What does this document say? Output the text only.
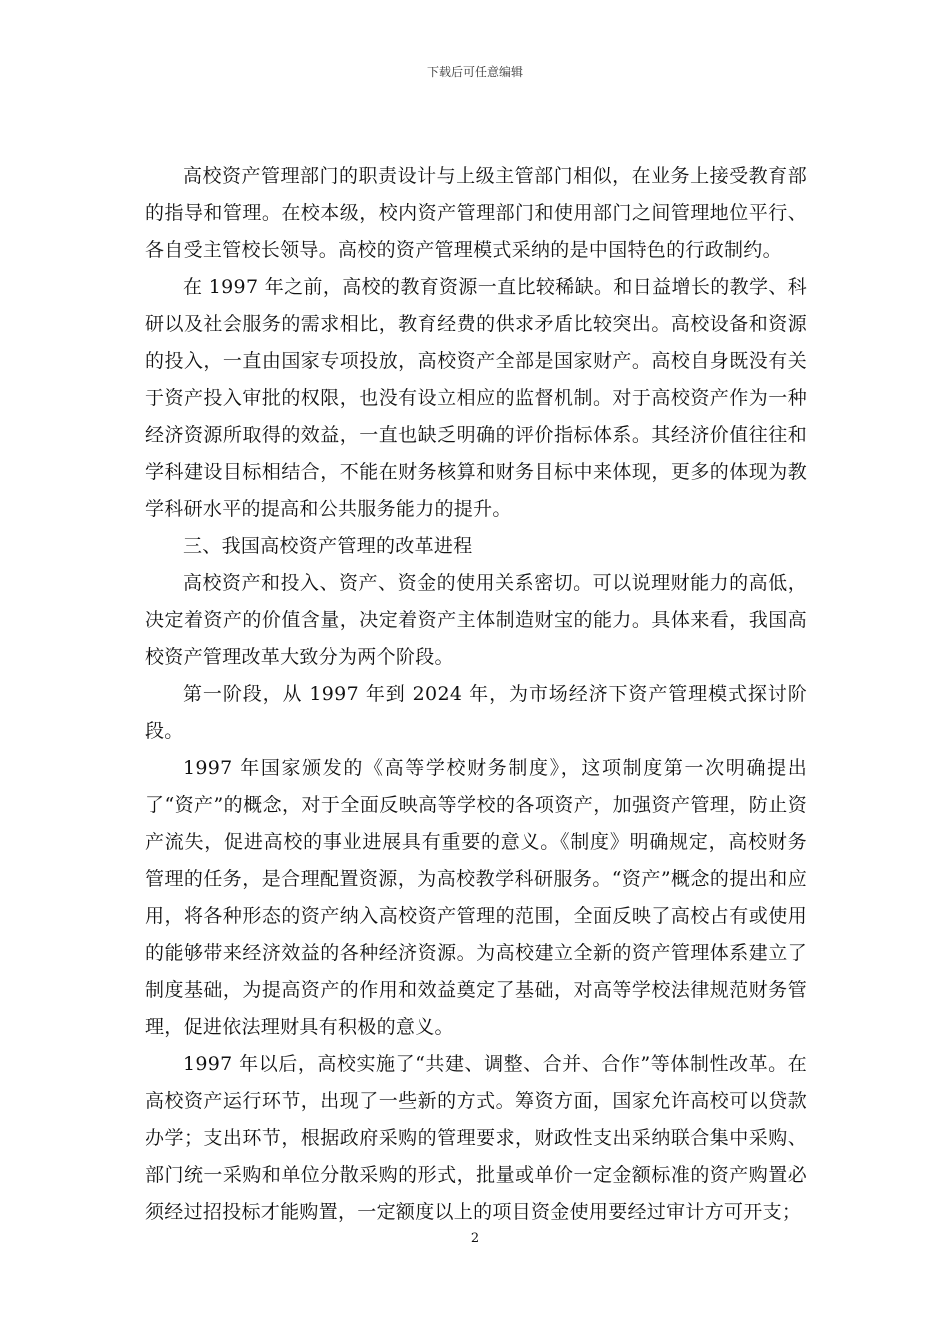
下载后可任意编辑

高校资产管理部门的职责设计与上级主管部门相似，在业务上接受教育部的指导和管理。在校本级，校内资产管理部门和使用部门之间管理地位平行、各自受主管校长领导。高校的资产管理模式采纳的是中国特色的行政制约。

在 1997 年之前，高校的教育资源一直比较稀缺。和日益增长的教学、科研以及社会服务的需求相比，教育经费的供求矛盾比较突出。高校设备和资源的投入，一直由国家专项投放，高校资产全部是国家财产。高校自身既没有关于资产投入审批的权限，也没有设立相应的监督机制。对于高校资产作为一种经济资源所取得的效益，一直也缺乏明确的评价指标体系。其经济价值往往和学科建设目标相结合，不能在财务核算和财务目标中来体现，更多的体现为教学科研水平的提高和公共服务能力的提升。

三、我国高校资产管理的改革进程

高校资产和投入、资产、资金的使用关系密切。可以说理财能力的高低，决定着资产的价值含量，决定着资产主体制造财宝的能力。具体来看，我国高校资产管理改革大致分为两个阶段。

第一阶段，从 1997 年到 2024 年，为市场经济下资产管理模式探讨阶段。

1997 年国家颁发的《高等学校财务制度》，这项制度第一次明确提出了“资产”的概念，对于全面反映高等学校的各项资产，加强资产管理，防止资产流失，促进高校的事业进展具有重要的意义。《制度》明确规定，高校财务管理的任务，是合理配置资源，为高校教学科研服务。“资产”概念的提出和应用，将各种形态的资产纳入高校资产管理的范围，全面反映了高校占有或使用的能够带来经济效益的各种经济资源。为高校建立全新的资产管理体系建立了制度基础，为提高资产的作用和效益奠定了基础，对高等学校法律规范财务管理，促进依法理财具有积极的意义。

1997 年以后，高校实施了“共建、调整、合并、合作”等体制性改革。在高校资产运行环节，出现了一些新的方式。筹资方面，国家允许高校可以贷款办学；支出环节，根据政府采购的管理要求，财政性支出采纳联合集中采购、部门统一采购和单位分散采购的形式，批量或单价一定金额标准的资产购置必须经过招投标才能购置，一定额度以上的项目资金使用要经过审计方可开支；

2
